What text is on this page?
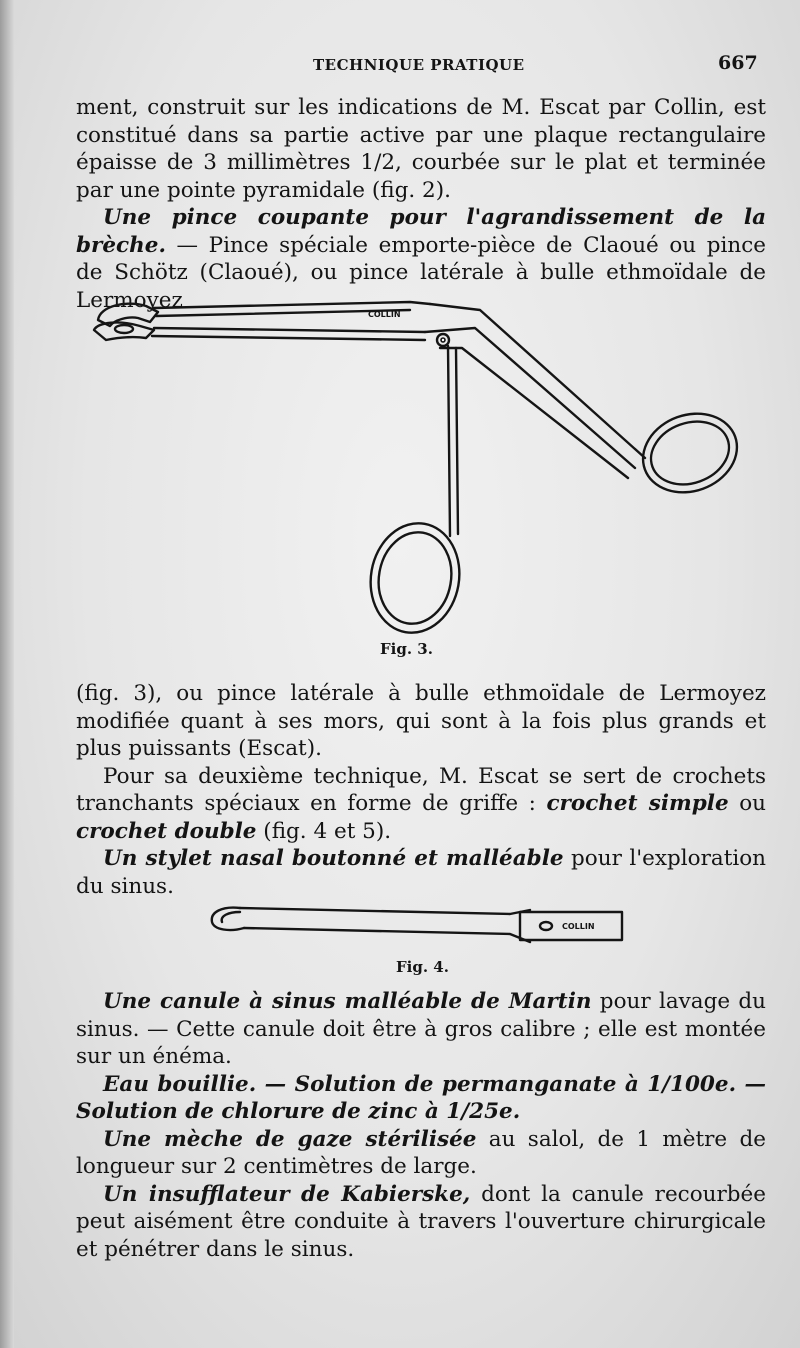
TECHNIQUE PRATIQUE	667

ment, construit sur les indications de M. Escat par Collin, est constitué dans sa partie active par une plaque rectangulaire épaisse de 3 millimètres 1/2, courbée sur le plat et terminée par une pointe pyramidale (fig. 2).

Une pince coupante pour l'agrandissement de la brèche. — Pince spéciale emporte-pièce de Claoué ou pince de Schötz (Claoué), ou pince latérale à bulle ethmoïdale de Lermoyez

COLLIN
Fig. 3.

(fig. 3), ou pince latérale à bulle ethmoïdale de Lermoyez modifiée quant à ses mors, qui sont à la fois plus grands et plus puissants (Escat).

Pour sa deuxième technique, M. Escat se sert de crochets tranchants spéciaux en forme de griffe : crochet simple ou crochet double (fig. 4 et 5).

Un stylet nasal boutonné et malléable pour l'exploration du sinus.

COLLIN
Fig. 4.

Une canule à sinus malléable de Martin pour lavage du sinus. — Cette canule doit être à gros calibre ; elle est montée sur un énéma.

Eau bouillie. — Solution de permanganate à 1/100e. — Solution de chlorure de zinc à 1/25e.

Une mèche de gaze stérilisée au salol, de 1 mètre de longueur sur 2 centimètres de large.

Un insufflateur de Kabierske, dont la canule recourbée peut aisément être conduite à travers l'ouverture chirurgicale et pénétrer dans le sinus.
